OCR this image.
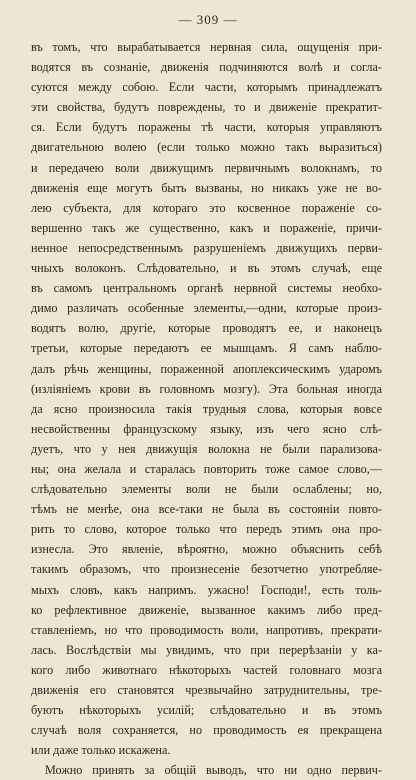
— 309 —
въ томъ, что вырабатывается нервная сила, ощущенія при-
водятся въ сознаніе, движенія подчиняются волѣ и согла-
суются между собою. Если части, которымъ принадлежатъ
эти свойства, будутъ повреждены, то и движеніе прекратит-
ся. Если будутъ поражены тѣ части, которыя управляютъ
двигательною волею (если только можно такъ выразиться)
и передачею воли движущимъ первичнымъ волокнамъ, то
движенія еще могутъ быть вызваны, но никакъ уже не во-
лею субъекта, для котораго это косвенное пораженіе со-
вершенно такъ же существенно, какъ и пораженіе, причи-
ненное непосредственнымъ разрушеніемъ движущихъ перви-
чныхъ волоконъ. Слѣдовательно, и въ этомъ случаѣ, еще
въ самомъ центральномъ органѣ нервной системы необхо-
димо различать особенные элементы,—одни, которые произ-
водятъ волю, другіе, которые проводятъ ее, и наконецъ
третьи, которые передаютъ ее мышцамъ. Я самъ наблю-
далъ рѣчь женщины, пораженной апоплексическимъ ударомъ
(изліяніемъ крови въ головномъ мозгу). Эта больная иногда
да ясно произносила такія трудныя слова, которыя вовсе
несвойственны французскому языку, изъ чего ясно слѣ-
дуетъ, что у нея движущія волокна не были парализова-
ны; она желала и старалась повторить тоже самое слово,—
слѣдовательно элементы воли не были ослаблены; но,
тѣмъ не менѣе, она все-таки не была въ состояніи повто-
рить то слово, которое только что передъ этимъ она про-
изнесла. Это явленіе, вѣроятно, можно объяснить себѣ
такимъ образомъ, что произнесеніе безотчетно употребляе-
мыхъ словъ, какъ напримъ. ужасно! Господи!, есть толь-
ко рефлективное движеніе, вызванное какимъ либо пред-
ставленіемъ, но что проводимость воли, напротивъ, прекрати-
лась. Вослѣдствіи мы увидимъ, что при перерѣзаніи у ка-
кого либо животнаго нѣкоторыхъ частей головнаго мозга
движенія его становятся чрезвычайно затруднительны, тре-
буютъ нѣкоторыхъ усилій; слѣдовательно и въ этомъ
случаѣ воля сохраняется, но проводимость ея прекращена
или даже только искажена.
Можно принять за общій выводъ, что ни одно первич-
